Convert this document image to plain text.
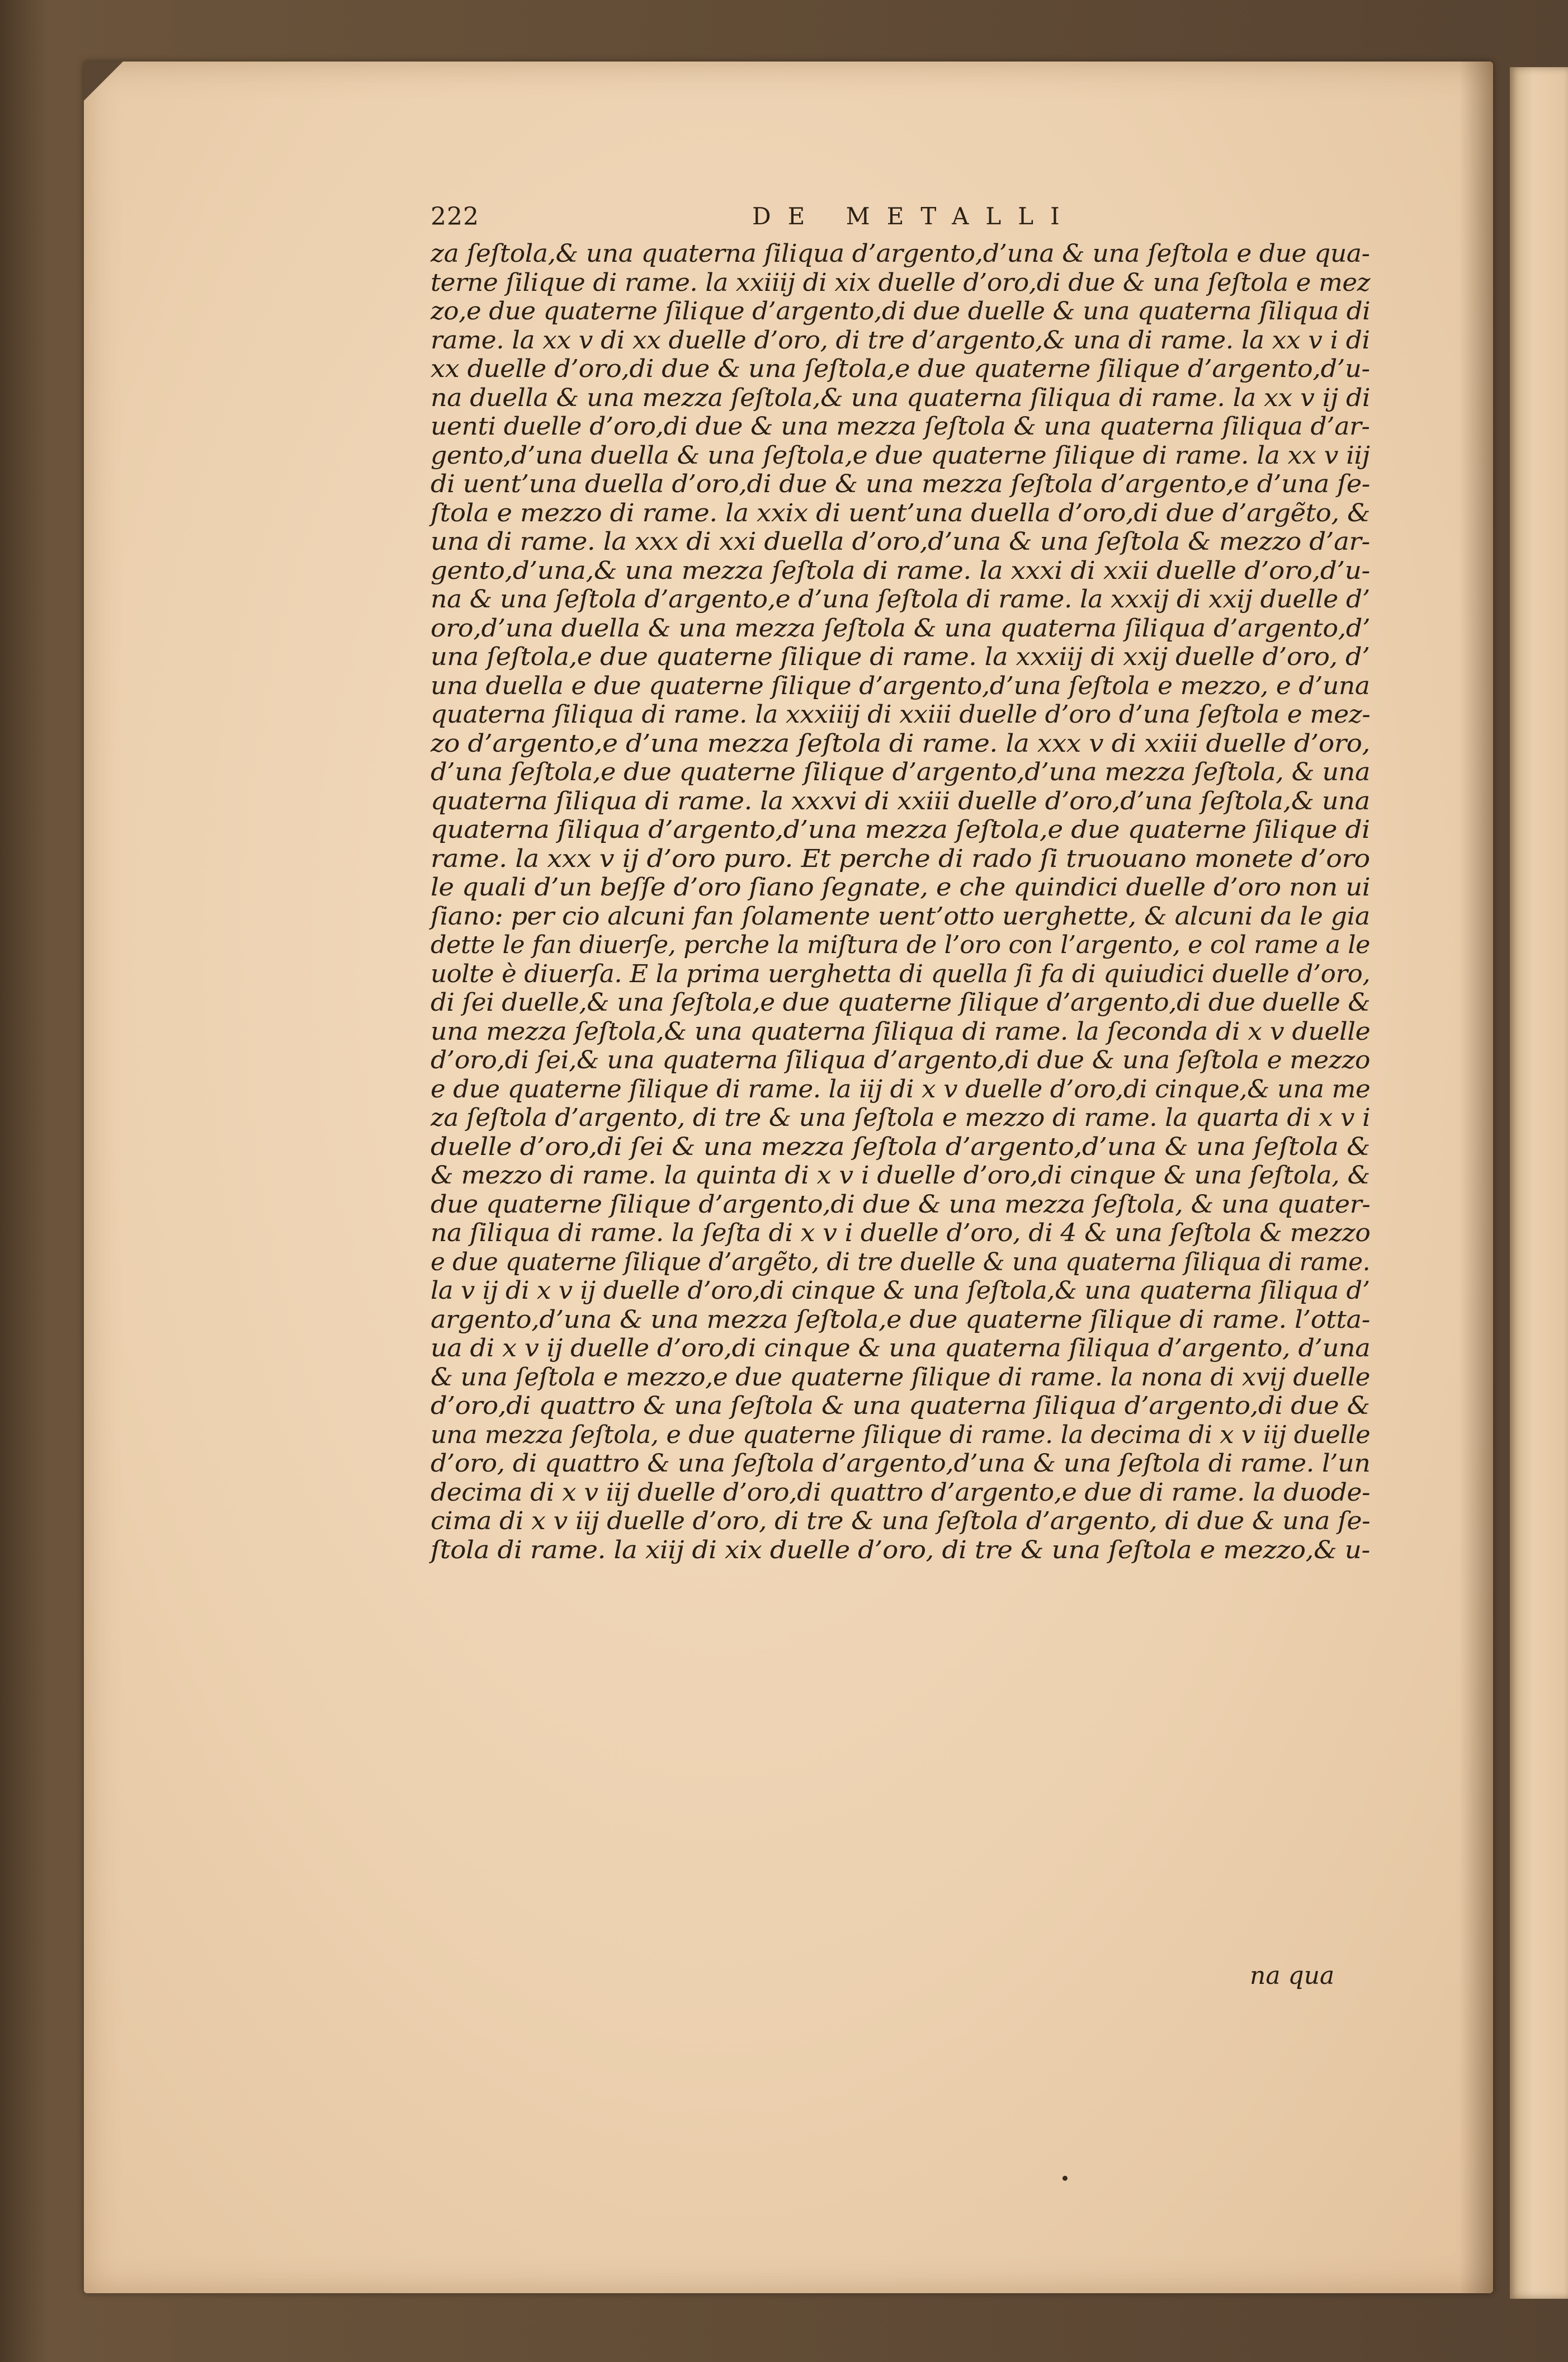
222	DE METALLI
za ſeſtola,& una quaterna ſiliqua d’argento,d’una & una ſeſtola e due qua-
terne ſilique di rame. la xxiiij di xix duelle d’oro,di due & una ſeſtola e mez
zo,e due quaterne ſilique d’argento,di due duelle & una quaterna ſiliqua di
rame. la xx v di xx duelle d’oro, di tre d’argento,& una di rame. la xx v i di
xx duelle d’oro,di due & una ſeſtola,e due quaterne ſilique d’argento,d’u-
na duella & una mezza ſeſtola,& una quaterna ſiliqua di rame. la xx v ij di
uenti duelle d’oro,di due & una mezza ſeſtola & una quaterna ſiliqua d’ar-
gento,d’una duella & una ſeſtola,e due quaterne ſilique di rame. la xx v iij
di uent’una duella d’oro,di due & una mezza ſeſtola d’argento,e d’una ſe-
ſtola e mezzo di rame. la xxix di uent’una duella d’oro,di due d’argẽto, &
una di rame. la xxx di xxi duella d’oro,d’una & una ſeſtola & mezzo d’ar-
gento,d’una,& una mezza ſeſtola di rame. la xxxi di xxii duelle d’oro,d’u-
na & una ſeſtola d’argento,e d’una ſeſtola di rame. la xxxij di xxij duelle d’
oro,d’una duella & una mezza ſeſtola & una quaterna ſiliqua d’argento,d’
una ſeſtola,e due quaterne ſilique di rame. la xxxiij di xxij duelle d’oro, d’
una duella e due quaterne ſilique d’argento,d’una ſeſtola e mezzo, e d’una
quaterna ſiliqua di rame. la xxxiiij di xxiii duelle d’oro d’una ſeſtola e mez-
zo d’argento,e d’una mezza ſeſtola di rame. la xxx v di xxiii duelle d’oro,
d’una ſeſtola,e due quaterne ſilique d’argento,d’una mezza ſeſtola, & una
quaterna ſiliqua di rame. la xxxvi di xxiii duelle d’oro,d’una ſeſtola,& una
quaterna ſiliqua d’argento,d’una mezza ſeſtola,e due quaterne ſilique di
rame. la xxx v ij d’oro puro. Et perche di rado ſi truouano monete d’oro
le quali d’un beſſe d’oro ſiano ſegnate, e che quindici duelle d’oro non ui
ſiano: per cio alcuni fan ſolamente uent’otto uerghette, & alcuni da le gia
dette le fan diuerſe, perche la miſtura de l’oro con l’argento, e col rame a le
uolte è diuerſa. E la prima uerghetta di quella ſi fa di quiudici duelle d’oro,
di ſei duelle,& una ſeſtola,e due quaterne ſilique d’argento,di due duelle &
una mezza ſeſtola,& una quaterna ſiliqua di rame. la ſeconda di x v duelle
d’oro,di ſei,& una quaterna ſiliqua d’argento,di due & una ſeſtola e mezzo
e due quaterne ſilique di rame. la iij di x v duelle d’oro,di cinque,& una me
za ſeſtola d’argento, di tre & una ſeſtola e mezzo di rame. la quarta di x v i
duelle d’oro,di ſei & una mezza ſeſtola d’argento,d’una & una ſeſtola &
& mezzo di rame. la quinta di x v i duelle d’oro,di cinque & una ſeſtola, &
due quaterne ſilique d’argento,di due & una mezza ſeſtola, & una quater-
na ſiliqua di rame. la ſeſta di x v i duelle d’oro, di 4 & una ſeſtola & mezzo
e due quaterne ſilique d’argẽto, di tre duelle & una quaterna ſiliqua di rame.
la v ij di x v ij duelle d’oro,di cinque & una ſeſtola,& una quaterna ſiliqua d’
argento,d’una & una mezza ſeſtola,e due quaterne ſilique di rame. l’otta-
ua di x v ij duelle d’oro,di cinque & una quaterna ſiliqua d’argento, d’una
& una ſeſtola e mezzo,e due quaterne ſilique di rame. la nona di xvij duelle
d’oro,di quattro & una ſeſtola & una quaterna ſiliqua d’argento,di due &
una mezza ſeſtola, e due quaterne ſilique di rame. la decima di x v iij duelle
d’oro, di quattro & una ſeſtola d’argento,d’una & una ſeſtola di rame. l’un
decima di x v iij duelle d’oro,di quattro d’argento,e due di rame. la duode-
cima di x v iij duelle d’oro, di tre & una ſeſtola d’argento, di due & una ſe-
ſtola di rame. la xiij di xix duelle d’oro, di tre & una ſeſtola e mezzo,& u-
na qua
